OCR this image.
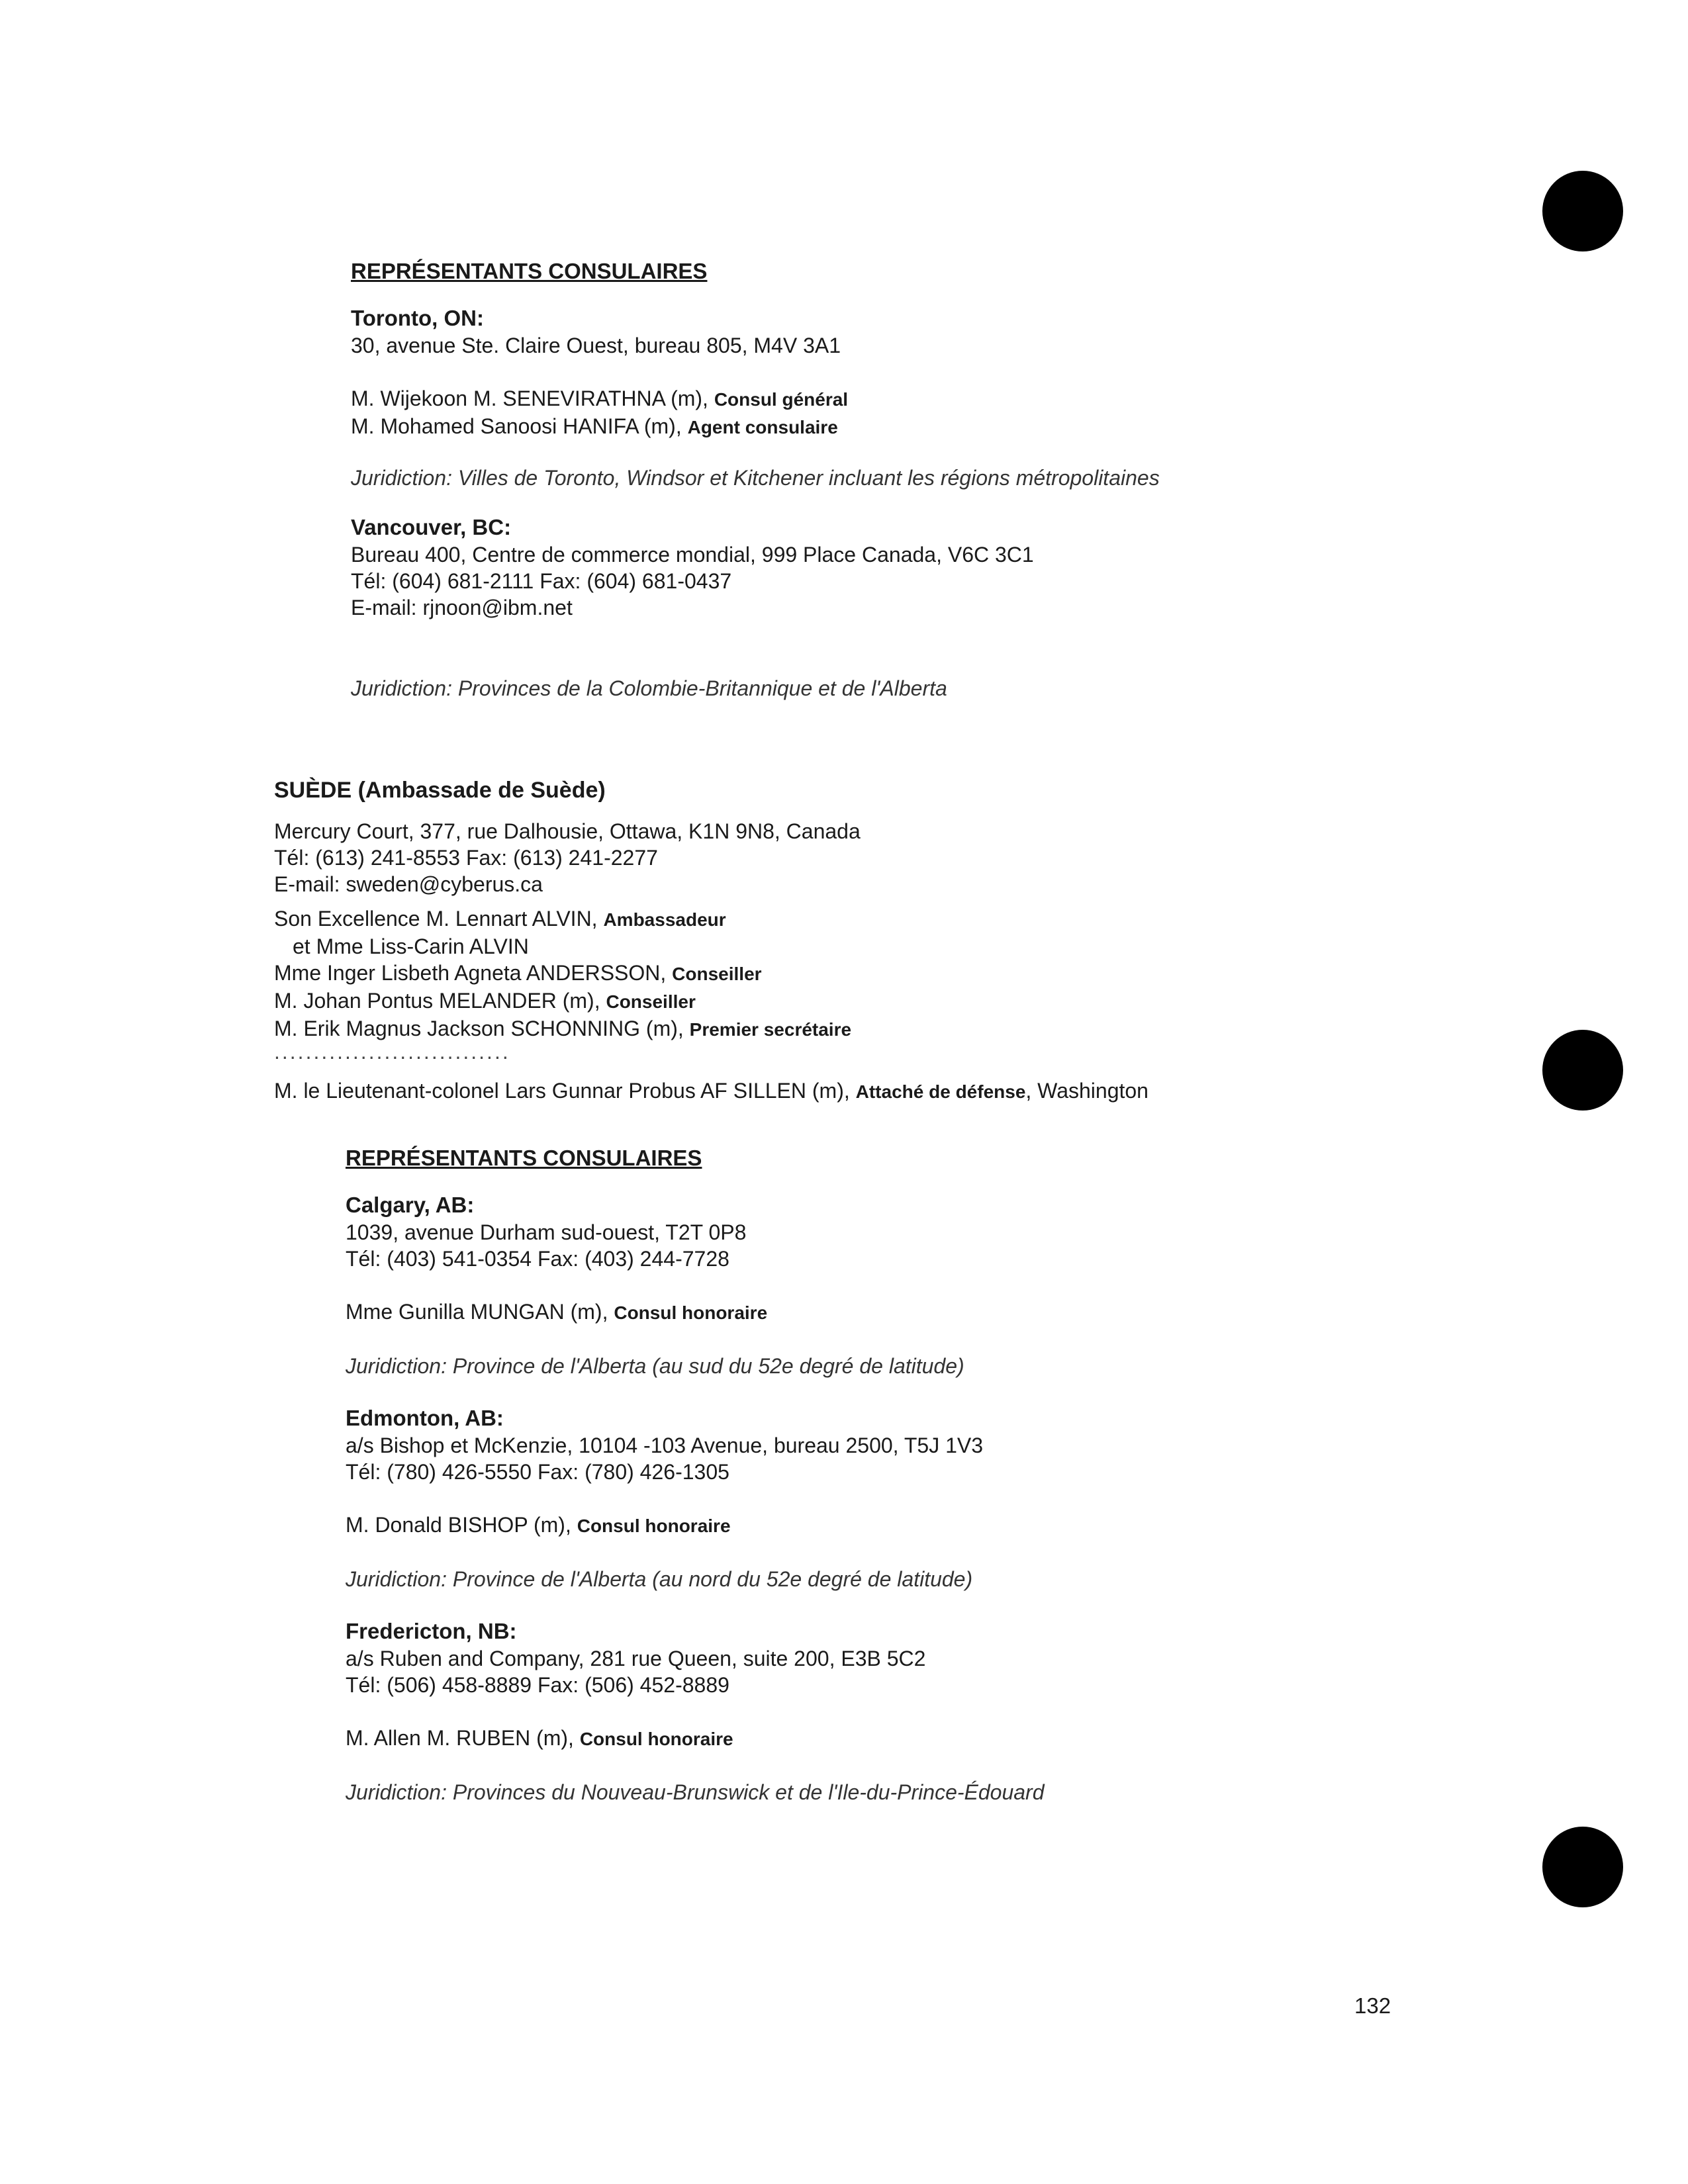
REPRÉSENTANTS CONSULAIRES
Toronto, ON:
30, avenue Ste. Claire Ouest, bureau 805, M4V 3A1
M. Wijekoon M. SENEVIRATHNA (m), Consul général
M. Mohamed Sanoosi HANIFA (m), Agent consulaire
Juridiction: Villes de Toronto, Windsor et Kitchener incluant les régions métropolitaines
Vancouver, BC:
Bureau 400, Centre de commerce mondial, 999 Place Canada, V6C 3C1
Tél: (604) 681-2111 Fax: (604) 681-0437
E-mail: rjnoon@ibm.net
Juridiction: Provinces de la Colombie-Britannique et de l'Alberta
SUÈDE (Ambassade de Suède)
Mercury Court, 377, rue Dalhousie, Ottawa, K1N 9N8, Canada
Tél: (613) 241-8553 Fax: (613) 241-2277
E-mail: sweden@cyberus.ca
Son Excellence M. Lennart ALVIN, Ambassadeur
et Mme Liss-Carin ALVIN
Mme Inger Lisbeth Agneta ANDERSSON, Conseiller
M. Johan Pontus MELANDER (m), Conseiller
M. Erik Magnus Jackson SCHONNING (m), Premier secrétaire
..............................
M. le Lieutenant-colonel Lars Gunnar Probus AF SILLEN (m), Attaché de défense, Washington
REPRÉSENTANTS CONSULAIRES
Calgary, AB:
1039, avenue Durham sud-ouest, T2T 0P8
Tél: (403) 541-0354 Fax: (403) 244-7728
Mme Gunilla MUNGAN (m), Consul honoraire
Juridiction: Province de l'Alberta (au sud du 52e degré de latitude)
Edmonton, AB:
a/s Bishop et McKenzie, 10104 -103 Avenue, bureau 2500, T5J 1V3
Tél: (780) 426-5550 Fax: (780) 426-1305
M. Donald BISHOP (m), Consul honoraire
Juridiction: Province de l'Alberta (au nord du 52e degré de latitude)
Fredericton, NB:
a/s Ruben and Company, 281 rue Queen, suite 200, E3B 5C2
Tél: (506) 458-8889 Fax: (506) 452-8889
M. Allen M. RUBEN (m), Consul honoraire
Juridiction: Provinces du Nouveau-Brunswick et de l'Ile-du-Prince-Édouard
132
